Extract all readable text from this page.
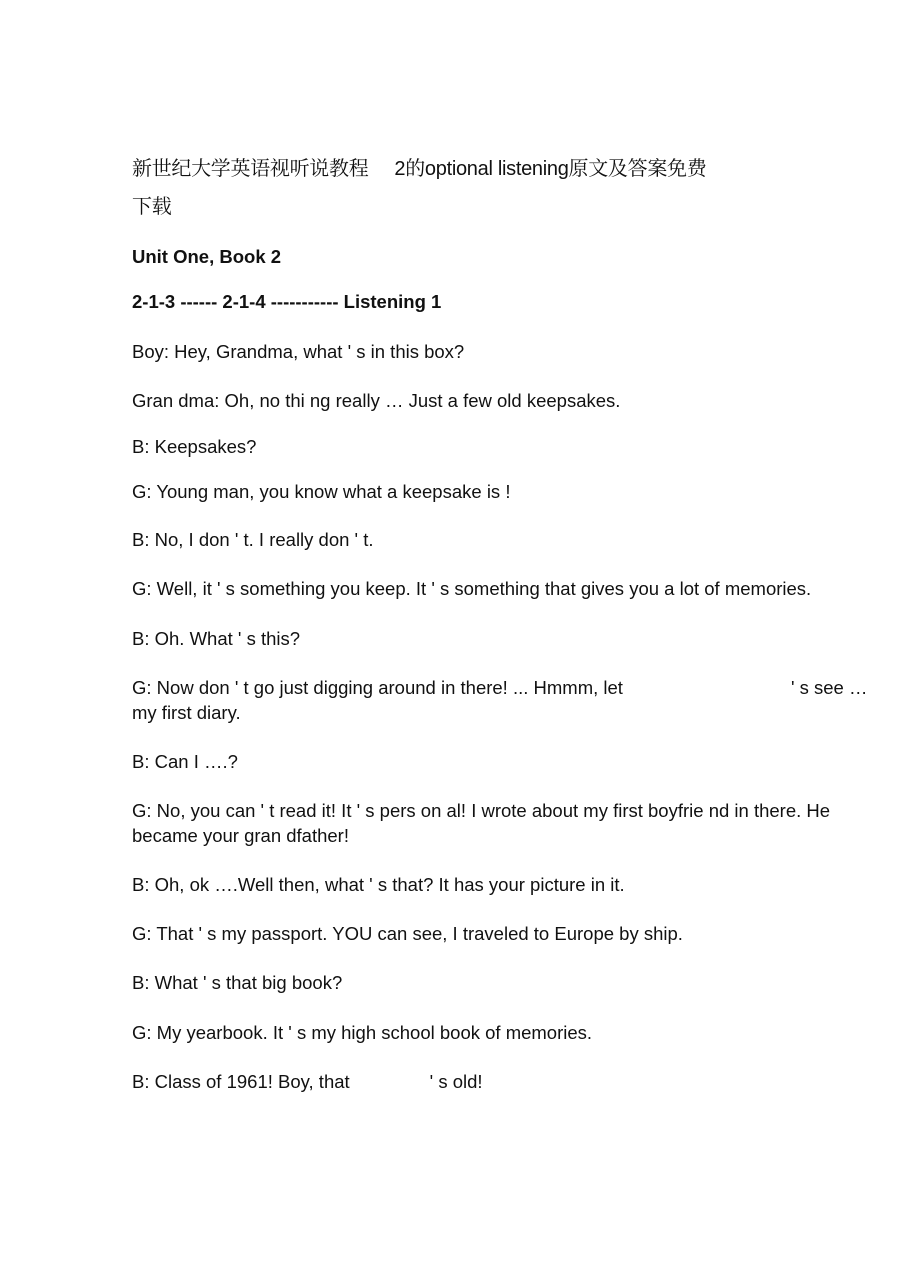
新世纪大学英语视听说教程 2的optional listening原文及答案免费
下载
Unit One, Book 2
2-1-3 ------ 2-1-4 ----------- Listening 1
Boy: Hey, Grandma, what ' s in this box?
Gran dma: Oh, no thi ng really … Just a few old keepsakes.
B: Keepsakes?
G: Young man, you know what a keepsake is !
B: No, I don ' t. I really don ' t.
G: Well, it ' s something you keep. It ' s something that gives you a lot of memories.
B: Oh. What ' s this?
G: Now don ' t go just digging around in there! ... Hmmm, let	' s see …
my first diary.
B: Can I ….?
G: No, you can ' t read it! It ' s pers on al! I wrote about my first boyfrie nd in there. He
became your gran dfather!
B: Oh, ok ….Well then, what ' s that? It has your picture in it.
G: That ' s my passport. YOU can see, I traveled to Europe by ship.
B: What ' s that big book?
G: My yearbook. It ' s my high school book of memories.
B: Class of 1961! Boy, that	' s old!
